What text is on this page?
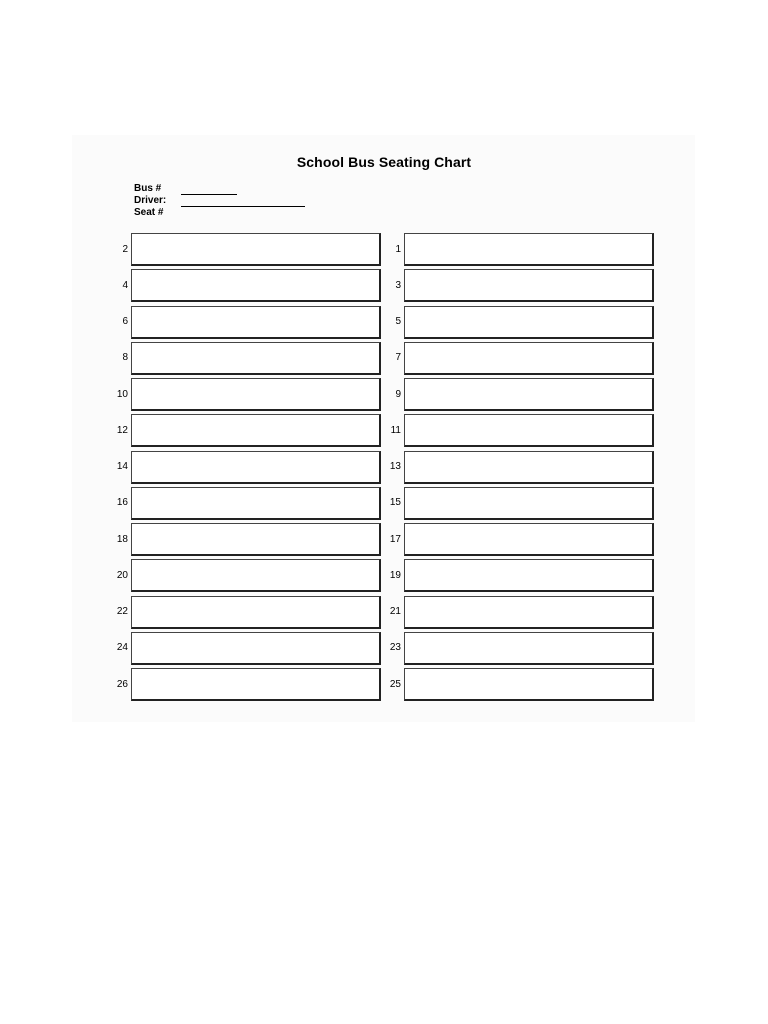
School Bus Seating Chart
Bus #
Driver:
Seat #
2
4
6
8
10
12
14
16
18
20
22
24
26
1
3
5
7
9
11
13
15
17
19
21
23
25
